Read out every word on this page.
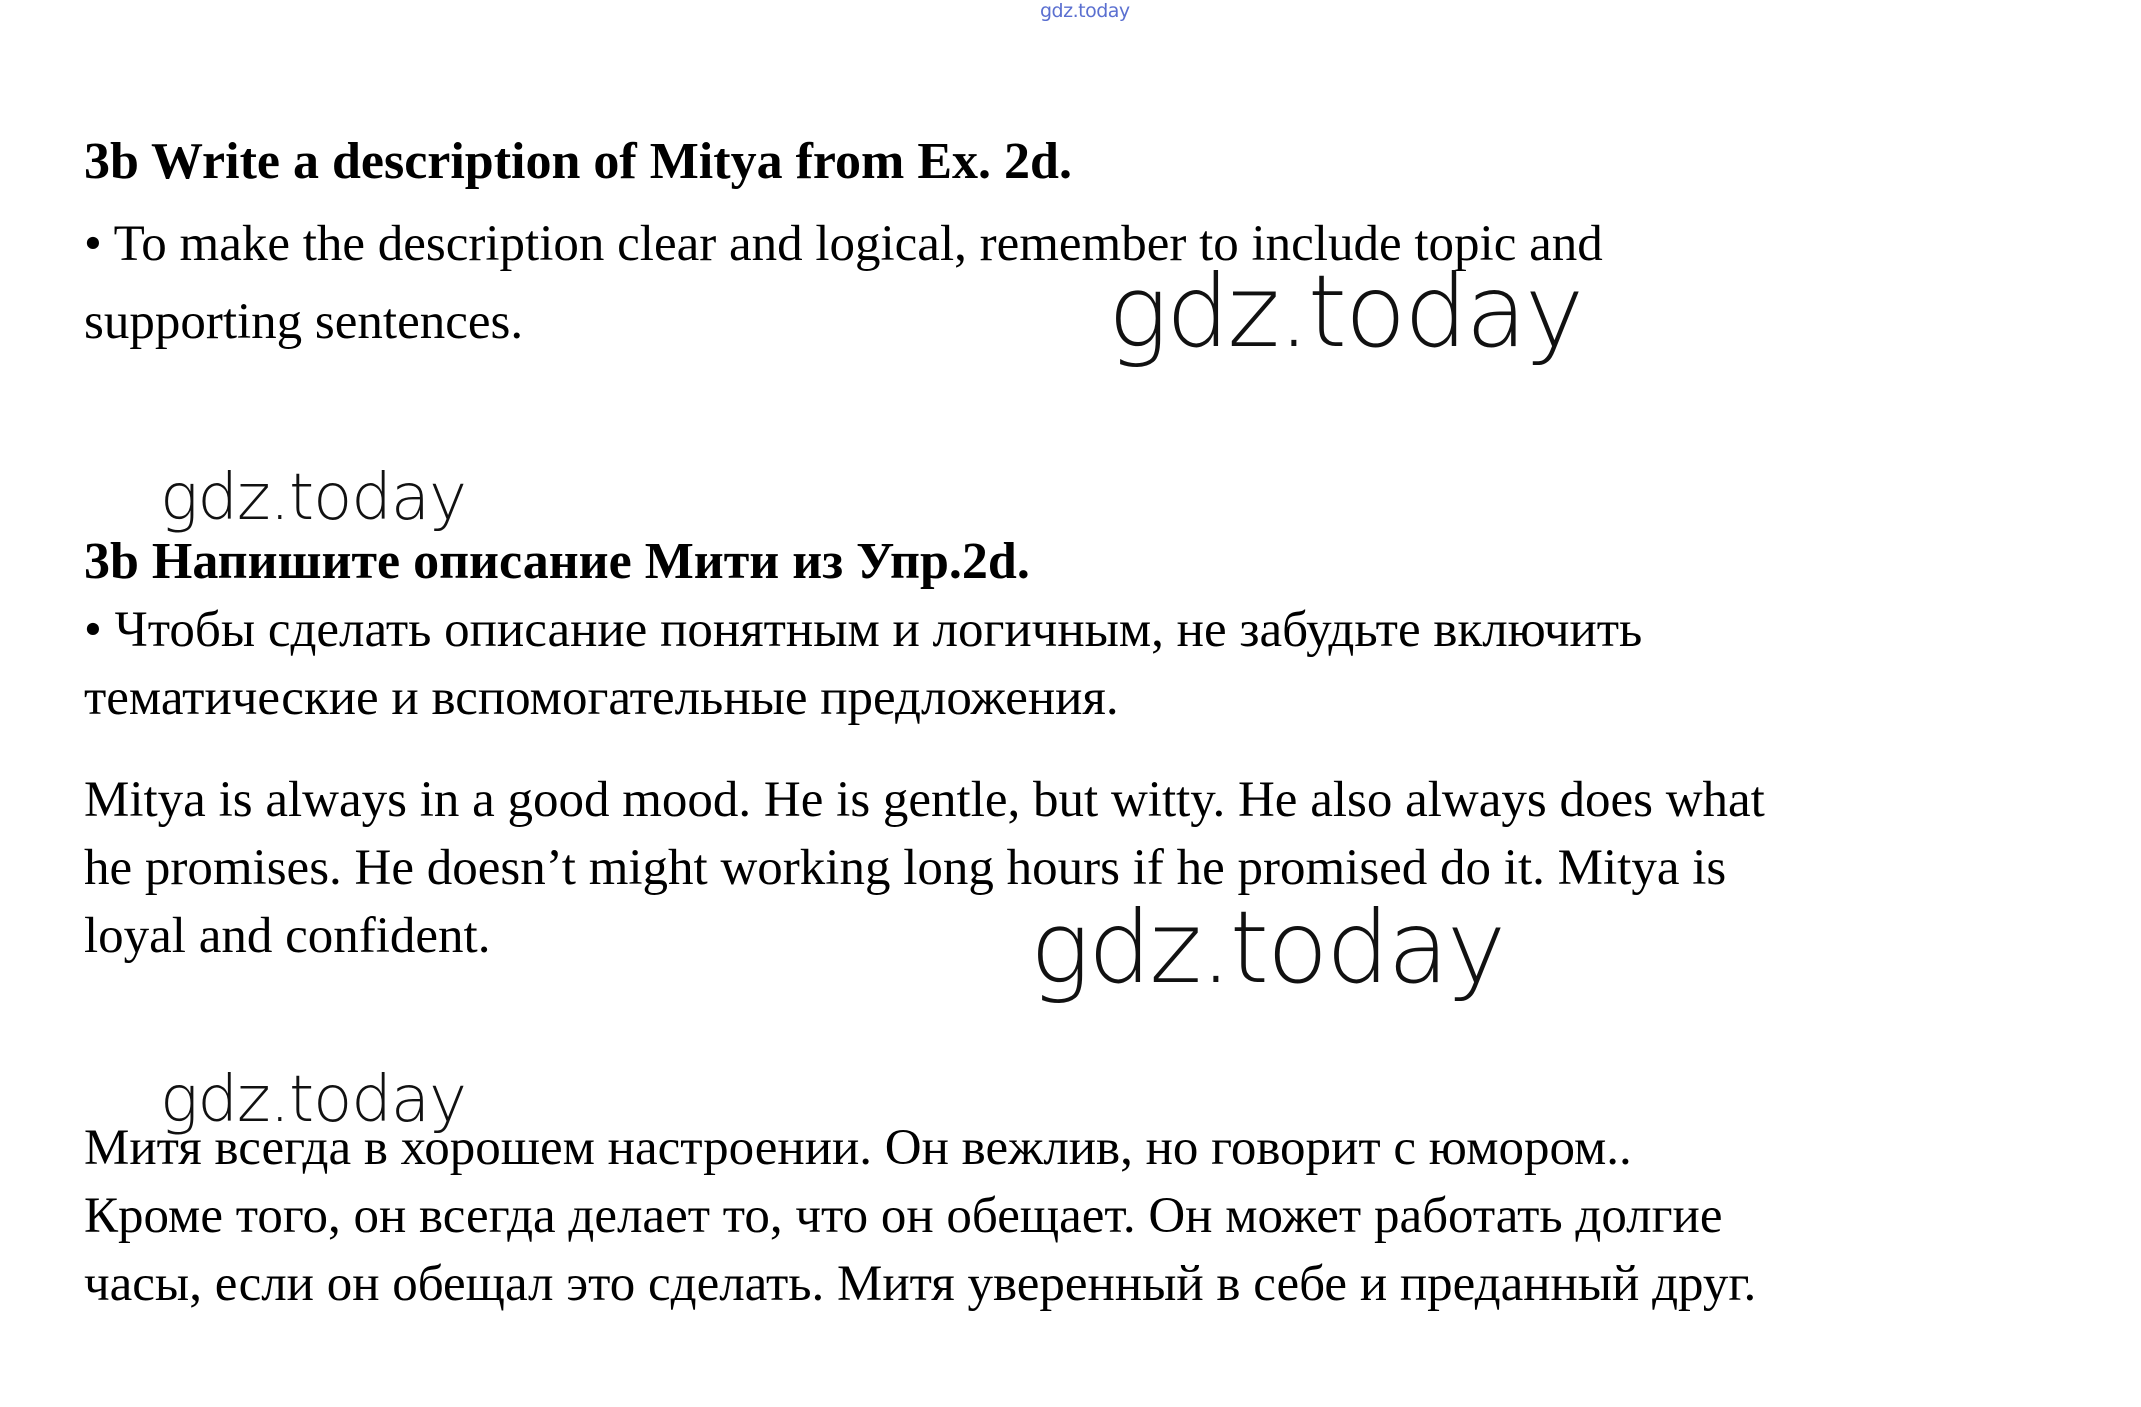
gdz.today
3b Write a description of Mitya from Ex. 2d.
• To make the description clear and logical, remember to include topic and
supporting sentences.	gdz.today
gdz.today
3b Напишите описание Мити из Упр.2d.
• Чтобы сделать описание понятным и логичным, не забудьте включить
тематические и вспомогательные предложения.
Mitya is always in a good mood. He is gentle, but witty. He also always does what
he promises. He doesn’t might working long hours if he promised do it. Mitya is
loyal and confident.	gdz.today
gdz.today
Митя всегда в хорошем настроении. Он вежлив, но говорит с юмором..
Кроме того, он всегда делает то, что он обещает. Он может работать долгие
часы, если он обещал это сделать. Митя уверенный в себе и преданный друг.
